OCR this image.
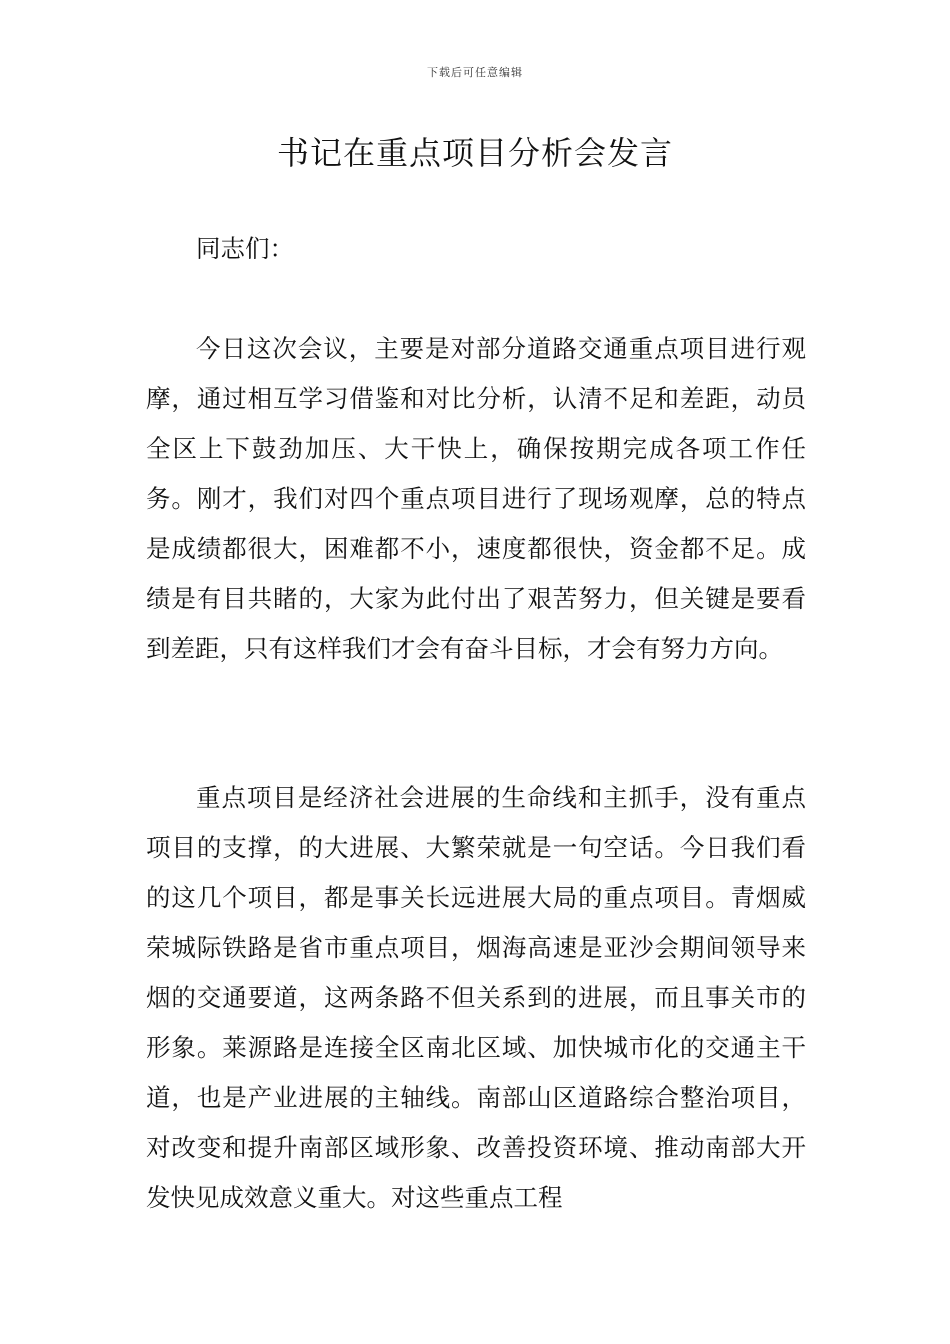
下载后可任意编辑
书记在重点项目分析会发言

同志们：

今日这次会议，主要是对部分道路交通重点项目进行观摩，通过相互学习借鉴和对比分析，认清不足和差距，动员全区上下鼓劲加压、大干快上，确保按期完成各项工作任务。刚才，我们对四个重点项目进行了现场观摩，总的特点是成绩都很大，困难都不小，速度都很快，资金都不足。成绩是有目共睹的，大家为此付出了艰苦努力，但关键是要看到差距，只有这样我们才会有奋斗目标，才会有努力方向。

重点项目是经济社会进展的生命线和主抓手，没有重点项目的支撑，的大进展、大繁荣就是一句空话。今日我们看的这几个项目，都是事关长远进展大局的重点项目。青烟威荣城际铁路是省市重点项目，烟海高速是亚沙会期间领导来烟的交通要道，这两条路不但关系到的进展，而且事关市的形象。莱源路是连接全区南北区域、加快城市化的交通主干道，也是产业进展的主轴线。南部山区道路综合整治项目，对改变和提升南部区域形象、改善投资环境、推动南部大开发快见成效意义重大。对这些重点工程
